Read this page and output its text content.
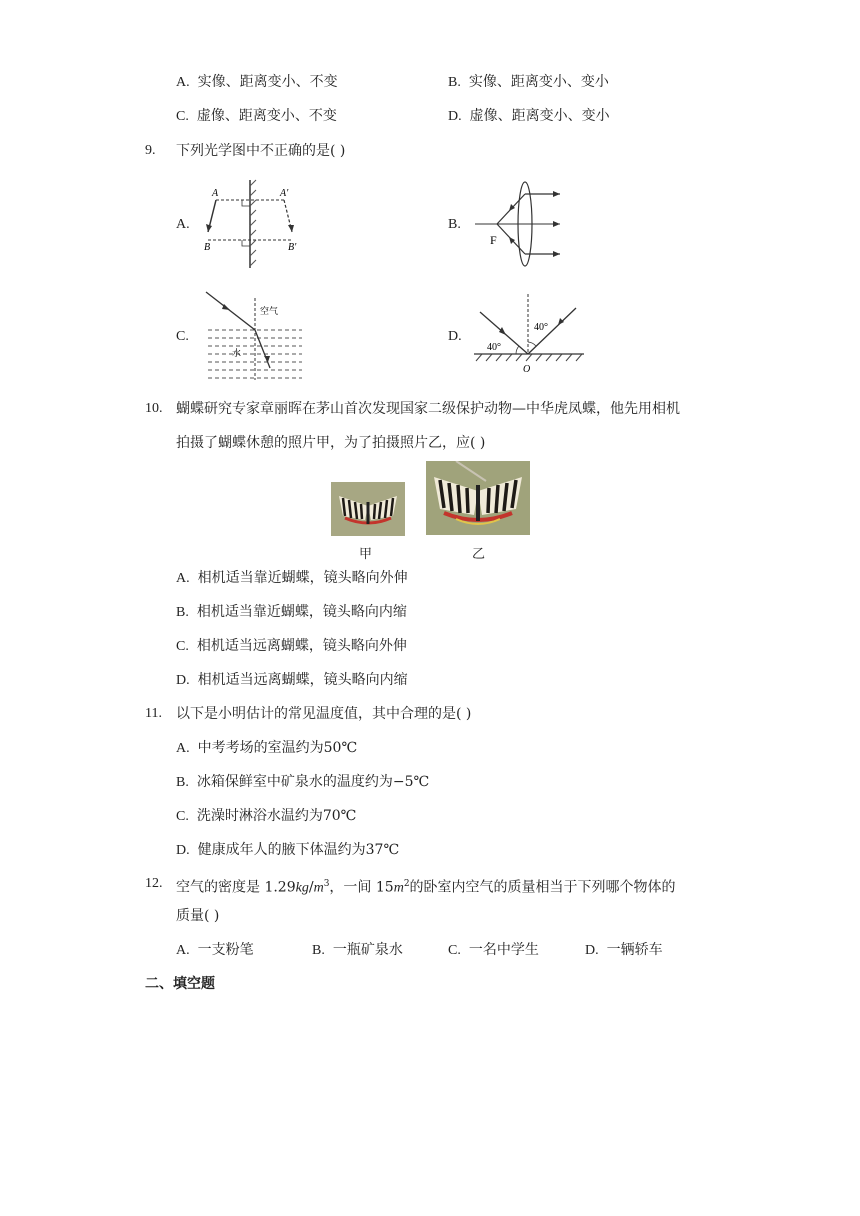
A. 实像、距离变小、不变	B. 实像、距离变小、变小
C. 虚像、距离变小、不变	D. 虚像、距离变小、变小
9. 下列光学图中不正确的是( )
A.
A	A'
B	B'
B.
F
C.
空气
水
D.
40°
40°
O
10. 蝴蝶研究专家章丽晖在茅山首次发现国家二级保护动物—中华虎凤蝶，他先用相机
拍摄了蝴蝶休憩的照片甲，为了拍摄照片乙，应( )
甲	乙
A. 相机适当靠近蝴蝶，镜头略向外伸
B. 相机适当靠近蝴蝶，镜头略向内缩
C. 相机适当远离蝴蝶，镜头略向外伸
D. 相机适当远离蝴蝶，镜头略向内缩
11. 以下是小明估计的常见温度值，其中合理的是( )
A. 中考考场的室温约为50℃
B. 冰箱保鲜室中矿泉水的温度约为−5℃
C. 洗澡时淋浴水温约为70℃
D. 健康成年人的腋下体温约为37℃
12. 空气的密度是 $1.29kg/m^3$，一间 $15m^2$的卧室内空气的质量相当于下列哪个物体的
质量( )
A. 一支粉笔	B. 一瓶矿泉水	C. 一名中学生	D. 一辆轿车
二、填空题
